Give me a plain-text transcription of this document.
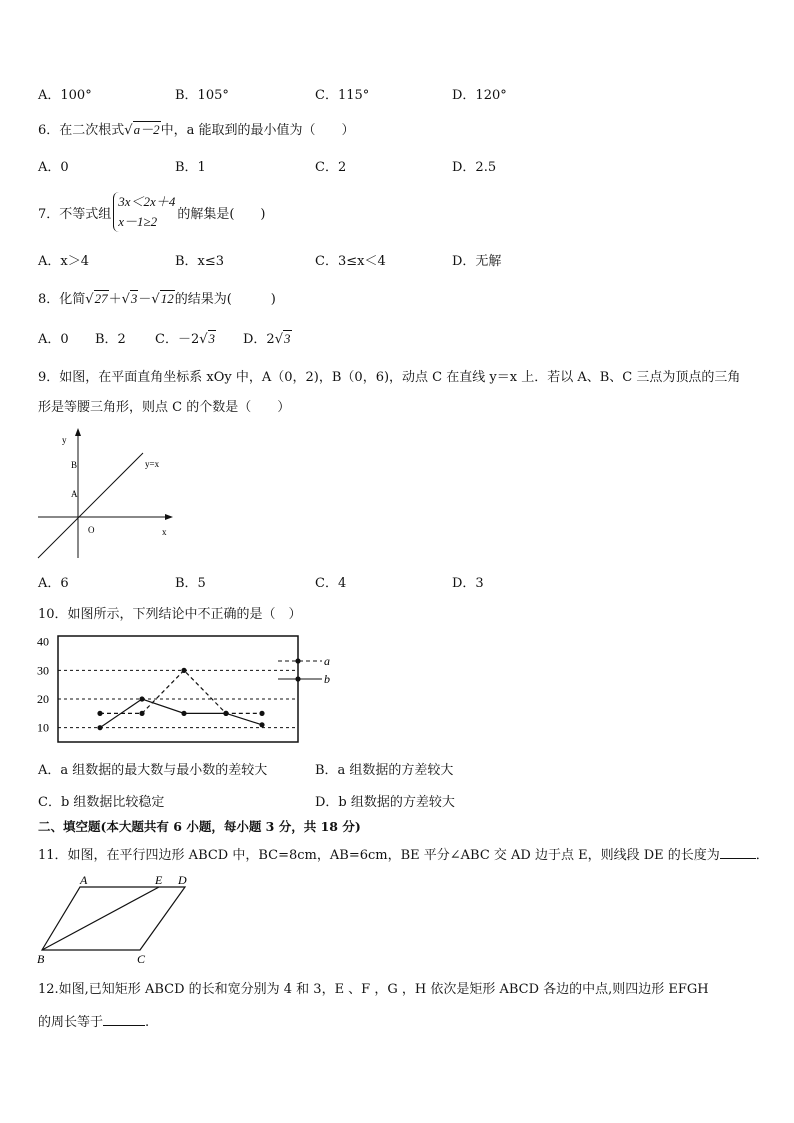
A．100°	B．105°	C．115°	D．120°
6．在二次根式√a－2中，a 能取到的最小值为（　　）
A．0	B．1	C．2	D．2.5
7．不等式组
3x＜2x＋4
x－1≥2	的解集是(　　)
A．x＞4	B．x≤3	C．3≤x＜4	D．无解
8．化简√27＋√3－√12的结果为(　　　)
A．0 B．2 C．－2√3 D．2√3
9．如图，在平面直角坐标系 xOy 中，A（0，2)，B（0，6)，动点 C 在直线 y＝x 上．若以 A、B、C 三点为顶点的三角
形是等腰三角形，则点 C 的个数是（　　）
y
x
O
B
A
y=x
A．6	B．5	C．4	D．3
10．如图所示，下列结论中不正确的是（　）
10
20
30
40
a
b
A．a 组数据的最大数与最小数的差较大	B．a 组数据的方差较大
C．b 组数据比较稳定	D．b 组数据的方差较大
二、填空题(本大题共有 6 小题，每小题 3 分，共 18 分)
11．如图，在平行四边形 ABCD 中，BC=8cm，AB=6cm，BE 平分∠ABC 交 AD 边于点 E，则线段 DE 的长度为	．
A	E D
B	C
12.如图,已知矩形 ABCD 的长和宽分别为 4 和 3，E 、F ，G ，H 依次是矩形 ABCD 各边的中点,则四边形 EFGH
的周长等于	.
